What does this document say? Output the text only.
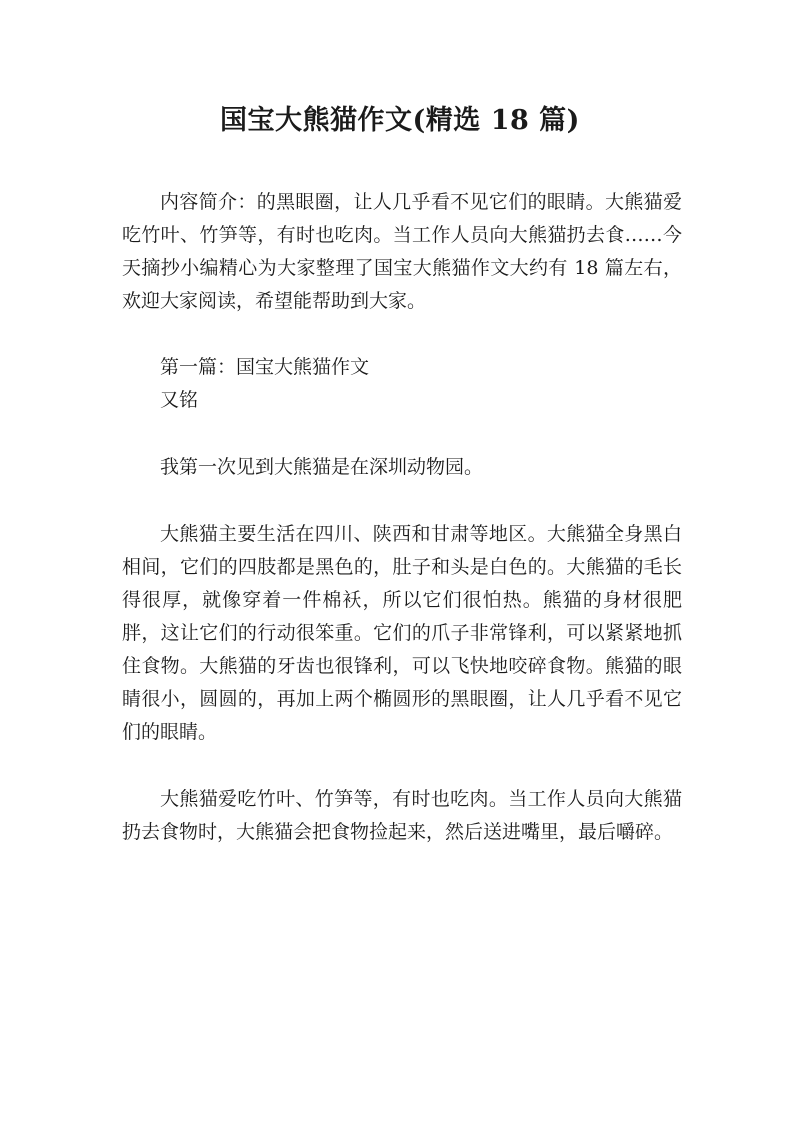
国宝大熊猫作文(精选 18 篇)

内容简介：的黑眼圈，让人几乎看不见它们的眼睛。大熊猫爱吃竹叶、竹笋等，有时也吃肉。当工作人员向大熊猫扔去食……今天摘抄小编精心为大家整理了国宝大熊猫作文大约有 18 篇左右，欢迎大家阅读，希望能帮助到大家。

第一篇：国宝大熊猫作文

又铭

我第一次见到大熊猫是在深圳动物园。

大熊猫主要生活在四川、陕西和甘肃等地区。大熊猫全身黑白相间，它们的四肢都是黑色的，肚子和头是白色的。大熊猫的毛长得很厚，就像穿着一件棉袄，所以它们很怕热。熊猫的身材很肥胖，这让它们的行动很笨重。它们的爪子非常锋利，可以紧紧地抓住食物。大熊猫的牙齿也很锋利，可以飞快地咬碎食物。熊猫的眼睛很小，圆圆的，再加上两个椭圆形的黑眼圈，让人几乎看不见它们的眼睛。

大熊猫爱吃竹叶、竹笋等，有时也吃肉。当工作人员向大熊猫扔去食物时，大熊猫会把食物捡起来，然后送进嘴里，最后嚼碎。
